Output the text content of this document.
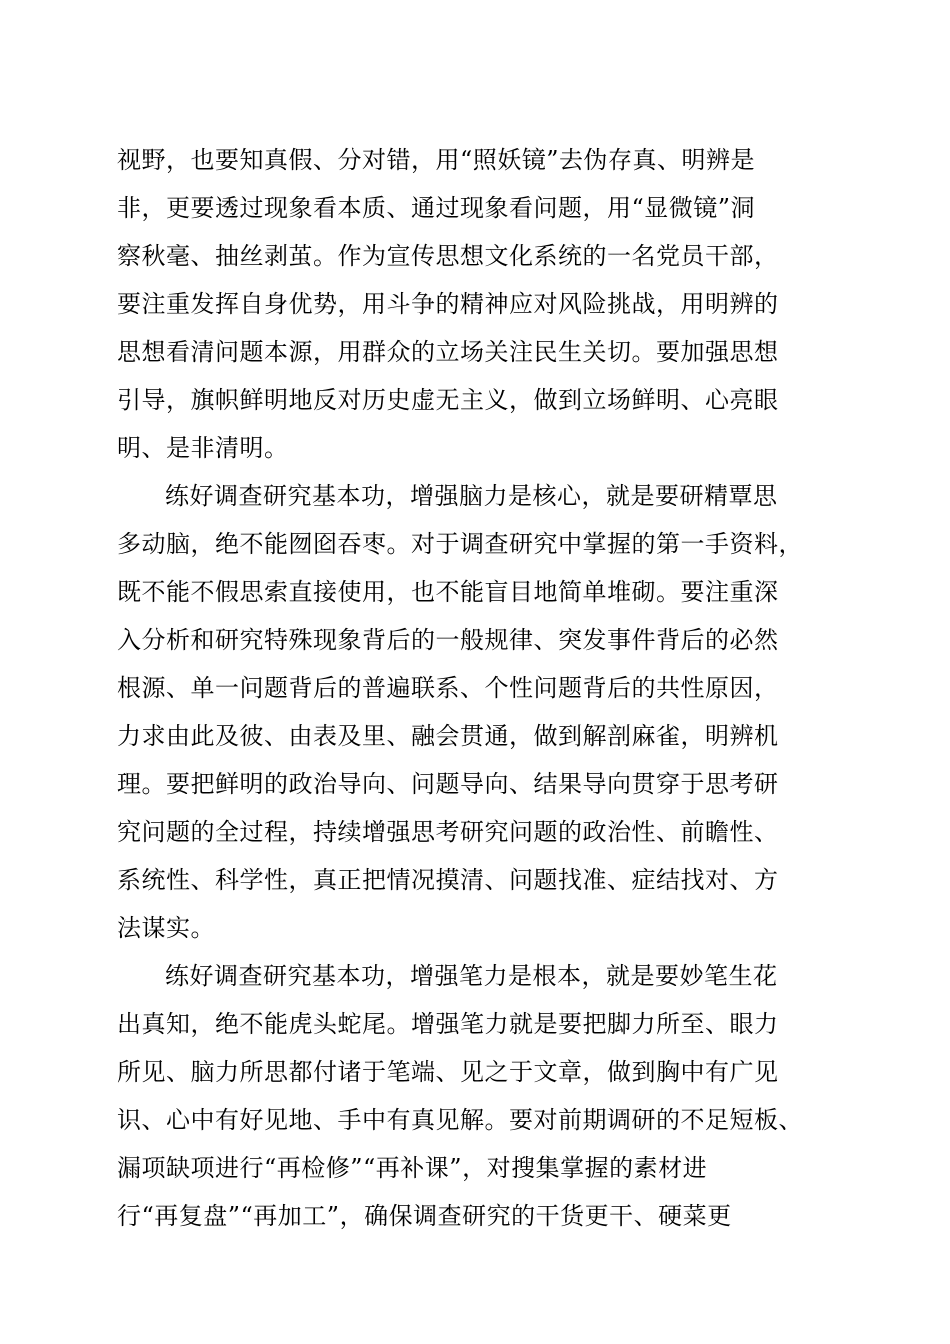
视野，也要知真假、分对错，用“照妖镜”去伪存真、明辨是
非，更要透过现象看本质、通过现象看问题，用“显微镜”洞
察秋毫、抽丝剥茧。作为宣传思想文化系统的一名党员干部，
要注重发挥自身优势，用斗争的精神应对风险挑战，用明辨的
思想看清问题本源，用群众的立场关注民生关切。要加强思想
引导，旗帜鲜明地反对历史虚无主义，做到立场鲜明、心亮眼
明、是非清明。
练好调查研究基本功，增强脑力是核心，就是要研精覃思
多动脑，绝不能囫囵吞枣。对于调查研究中掌握的第一手资料，
既不能不假思索直接使用，也不能盲目地简单堆砌。要注重深
入分析和研究特殊现象背后的一般规律、突发事件背后的必然
根源、单一问题背后的普遍联系、个性问题背后的共性原因，
力求由此及彼、由表及里、融会贯通，做到解剖麻雀，明辨机
理。要把鲜明的政治导向、问题导向、结果导向贯穿于思考研
究问题的全过程，持续增强思考研究问题的政治性、前瞻性、
系统性、科学性，真正把情况摸清、问题找准、症结找对、方
法谋实。
练好调查研究基本功，增强笔力是根本，就是要妙笔生花
出真知，绝不能虎头蛇尾。增强笔力就是要把脚力所至、眼力
所见、脑力所思都付诸于笔端、见之于文章，做到胸中有广见
识、心中有好见地、手中有真见解。要对前期调研的不足短板、
漏项缺项进行“再检修”“再补课”，对搜集掌握的素材进
行“再复盘”“再加工”，确保调查研究的干货更干、硬菜更
